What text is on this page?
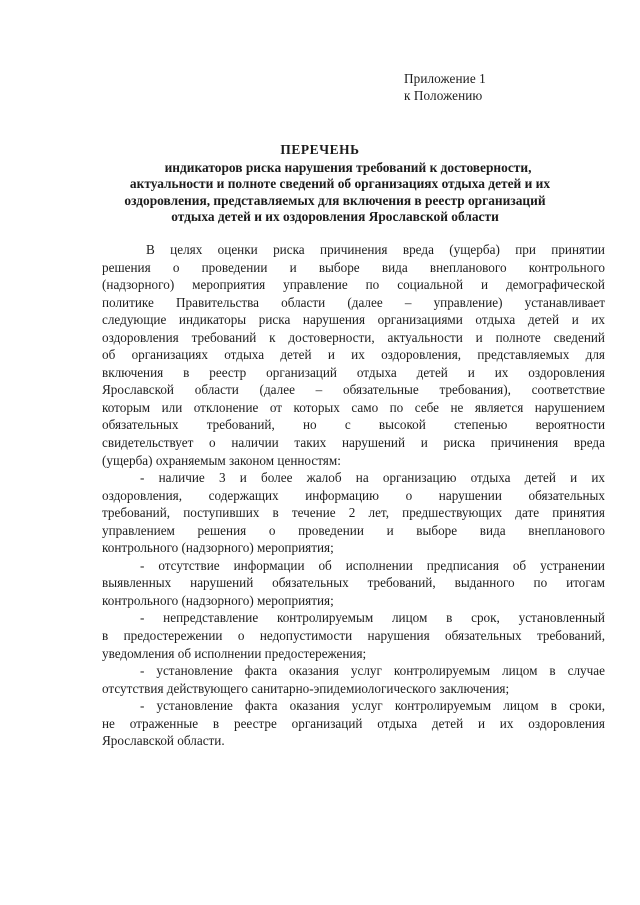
Приложение 1
к Положению
ПЕРЕЧЕНЬ
индикаторов риска нарушения требований к достоверности,
актуальности и полноте сведений об организациях отдыха детей и их
оздоровления, представляемых для включения в реестр организаций
отдыха детей и их оздоровления Ярославской области
В целях оценки риска причинения вреда (ущерба) при принятии
решения о проведении и выборе вида внепланового контрольного
(надзорного) мероприятия управление по социальной и демографической
политике Правительства области (далее – управление) устанавливает
следующие индикаторы риска нарушения организациями отдыха детей и их
оздоровления требований к достоверности, актуальности и полноте сведений
об организациях отдыха детей и их оздоровления, представляемых для
включения в реестр организаций отдыха детей и их оздоровления
Ярославской области (далее – обязательные требования), соответствие
которым или отклонение от которых само по себе не является нарушением
обязательных требований, но с высокой степенью вероятности
свидетельствует о наличии таких нарушений и риска причинения вреда
(ущерба) охраняемым законом ценностям:
- наличие 3 и более жалоб на организацию отдыха детей и их
оздоровления, содержащих информацию о нарушении обязательных
требований, поступивших в течение 2 лет, предшествующих дате принятия
управлением решения о проведении и выборе вида внепланового
контрольного (надзорного) мероприятия;
- отсутствие информации об исполнении предписания об устранении
выявленных нарушений обязательных требований, выданного по итогам
контрольного (надзорного) мероприятия;
- непредставление контролируемым лицом в срок, установленный
в предостережении о недопустимости нарушения обязательных требований,
уведомления об исполнении предостережения;
- установление факта оказания услуг контролируемым лицом в случае
отсутствия действующего санитарно-эпидемиологического заключения;
- установление факта оказания услуг контролируемым лицом в сроки,
не отраженные в реестре организаций отдыха детей и их оздоровления
Ярославской области.
